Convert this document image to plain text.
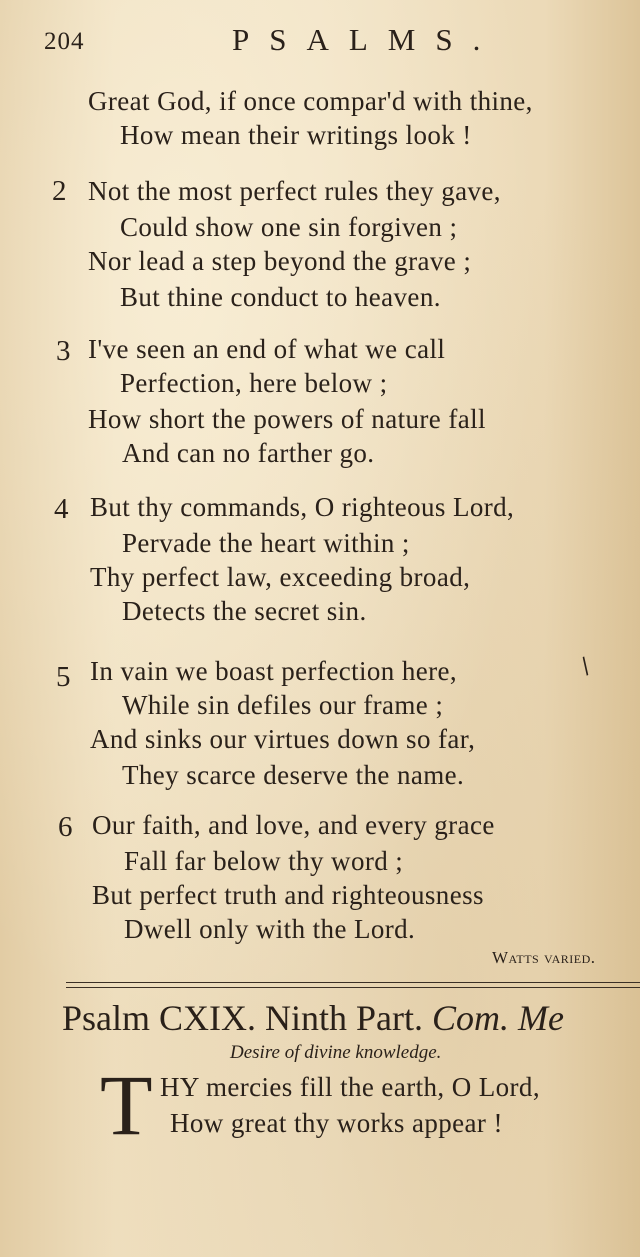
204	PSALMS.
Great God, if once compar'd with thine,
How mean their writings look !
2 Not the most perfect rules they gave,
Could show one sin forgiven ;
Nor lead a step beyond the grave ;
But thine conduct to heaven.
3 I've seen an end of what we call
Perfection, here below ;
How short the powers of nature fall
And can no farther go.
4 But thy commands, O righteous Lord,
Pervade the heart within ;
Thy perfect law, exceeding broad,
Detects the secret sin.
5 In vain we boast perfection here,
While sin defiles our frame ;
And sinks our virtues down so far,
They scarce deserve the name.
/
6 Our faith, and love, and every grace
Fall far below thy word ;
But perfect truth and righteousness
Dwell only with the Lord.
Watts varied.
Psalm CXIX. Ninth Part. Com. Me
Desire of divine knowledge.
T HY mercies fill the earth, O Lord,
How great thy works appear !
